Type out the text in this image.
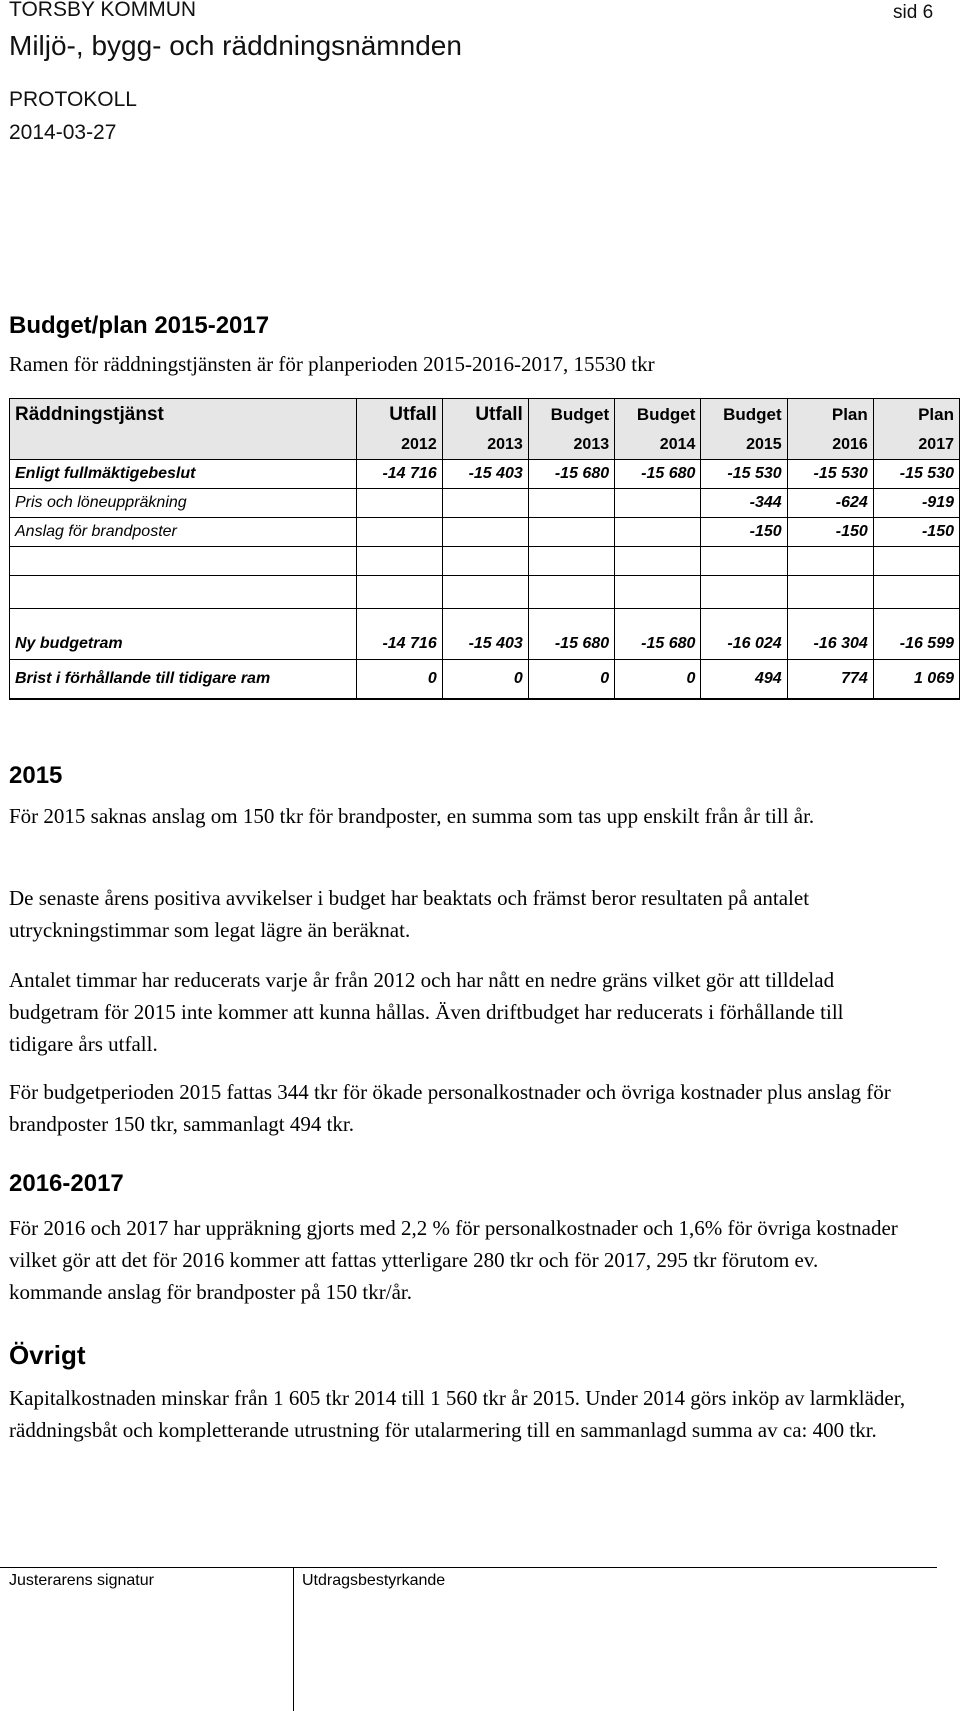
TORSBY KOMMUN	sid 6
Miljö-, bygg- och räddningsnämnden
PROTOKOLL
2014-03-27
Budget/plan 2015-2017
Ramen för räddningstjänsten är för planperioden 2015-2016-2017, 15530 tkr
Räddningstjänst	Utfall	Utfall	Budget	Budget	Budget	Plan	Plan
	2012	2013	2013	2014	2015	2016	2017
Enligt fullmäktigebeslut	-14 716	-15 403	-15 680	-15 680	-15 530	-15 530	-15 530
Pris och löneuppräkning					-344	-624	-919
Anslag för brandposter					-150	-150	-150

Ny budgetram	-14 716	-15 403	-15 680	-15 680	-16 024	-16 304	-16 599
Brist i förhållande till tidigare ram	0	0	0	0	494	774	1 069
2015

För 2015 saknas anslag om 150 tkr för brandposter, en summa som tas upp enskilt från år till år.

De senaste årens positiva avvikelser i budget har beaktats och främst beror resultaten på antalet utryckningstimmar som legat lägre än beräknat.

Antalet timmar har reducerats varje år från 2012 och har nått en nedre gräns vilket gör att tilldelad budgetram för 2015 inte kommer att kunna hållas. Även driftbudget har reducerats i förhållande till tidigare års utfall.

För budgetperioden 2015 fattas 344 tkr för ökade personalkostnader och övriga kostnader plus anslag för brandposter 150 tkr, sammanlagt 494 tkr.

2016-2017

För 2016 och 2017 har uppräkning gjorts med 2,2 % för personalkostnader och 1,6% för övriga kostnader vilket gör att det för 2016 kommer att fattas ytterligare 280 tkr och för 2017, 295 tkr förutom ev. kommande anslag för brandposter på 150 tkr/år.

Övrigt

Kapitalkostnaden minskar från 1 605 tkr 2014 till 1 560 tkr år 2015. Under 2014 görs inköp av larmkläder, räddningsbåt och kompletterande utrustning för utalarmering till en sammanlagd summa av ca: 400 tkr.

Justerarens signatur	Utdragsbestyrkande
